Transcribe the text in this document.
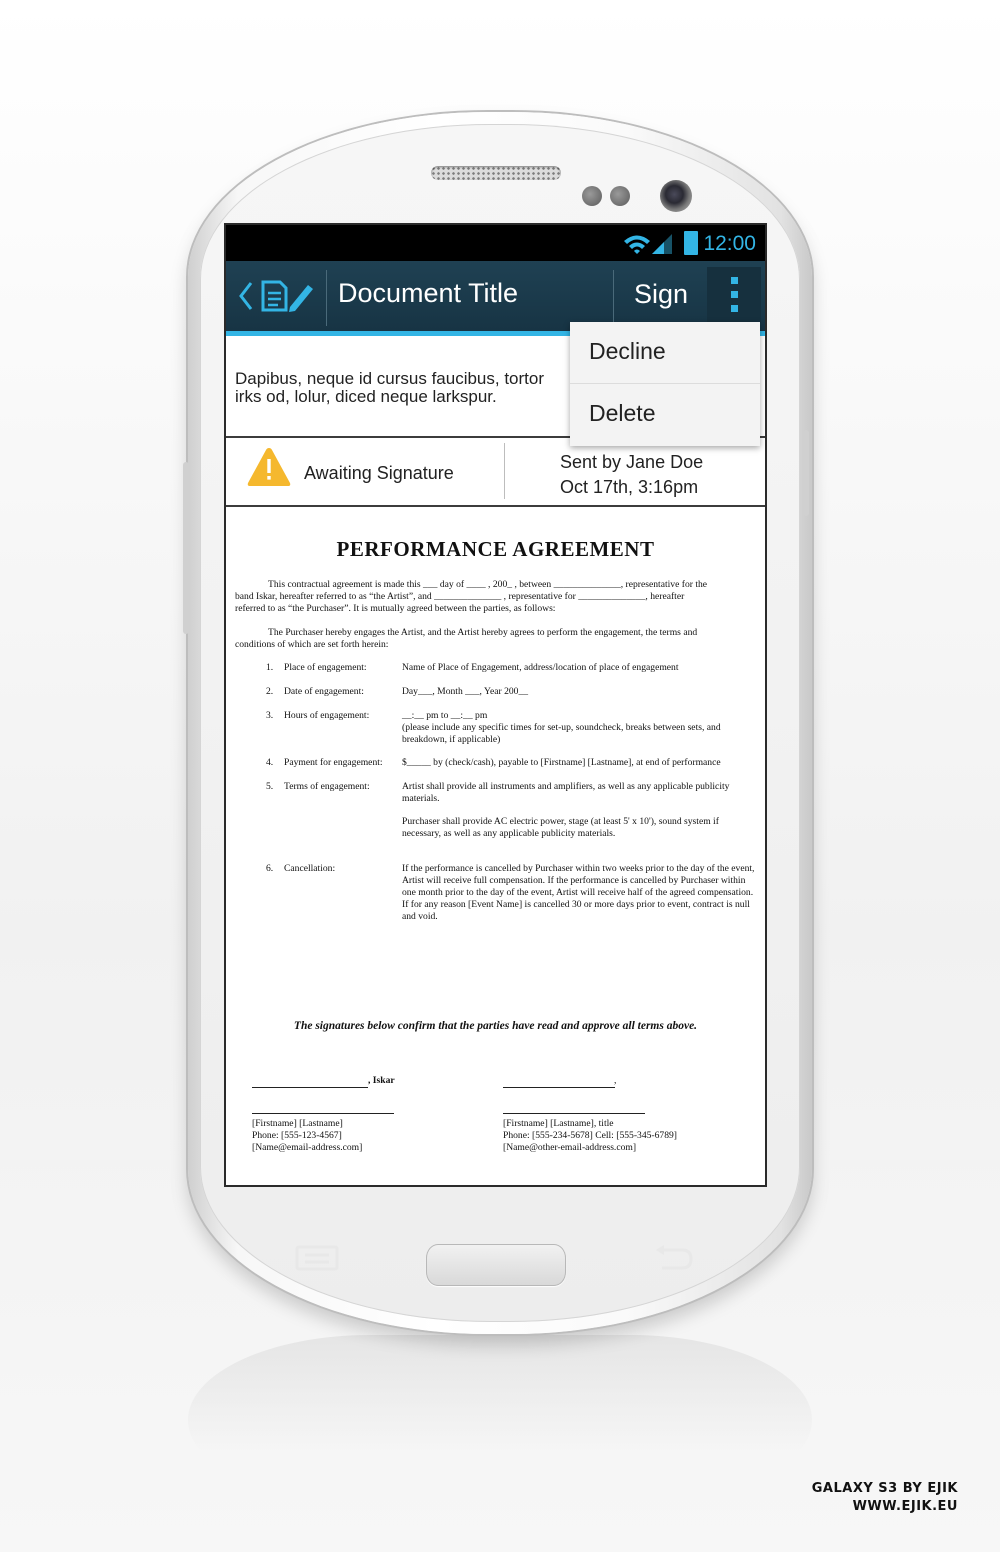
12:00
Document Title	Sign
Dapibus, neque id cursus faucibus, tortor
irks od, lolur, diced neque larkspur.
Awaiting Signature
Sent by Jane Doe
Oct 17th, 3:16pm
PERFORMANCE AGREEMENT
This contractual agreement is made this ___ day of ____ , 200_ , between ______________, representative for the
band Iskar, hereafter referred to as “the Artist”, and ______________ , representative for ______________, hereafter
referred to as “the Purchaser”. It is mutually agreed between the parties, as follows:
The Purchaser hereby engages the Artist, and the Artist hereby agrees to perform the engagement, the terms and
conditions of which are set forth herein:
1. Place of engagement:	Name of Place of Engagement, address/location of place of engagement
2. Date of engagement:	Day___, Month ___, Year 200__
3. Hours of engagement:	__:__ pm to __:__ pm
(please include any specific times for set-up, soundcheck, breaks between sets, and breakdown, if applicable)
4. Payment for engagement: $_____ by (check/cash), payable to [Firstname] [Lastname], at end of performance
5. Terms of engagement:	Artist shall provide all instruments and amplifiers, as well as any applicable publicity materials.
Purchaser shall provide AC electric power, stage (at least 5' x 10'), sound system if necessary, as well as any applicable publicity materials.
6. Cancellation:	If the performance is cancelled by Purchaser within two weeks prior to the day of the event, Artist will receive full compensation. If the performance is cancelled by Purchaser within one month prior to the day of the event, Artist will receive half of the agreed compensation. If for any reason [Event Name] is cancelled 30 or more days prior to event, contract is null and void.
The signatures below confirm that the parties have read and approve all terms above.
, Iskar	,
[Firstname] [Lastname]
Phone: [555-123-4567]
[Name@email-address.com]
[Firstname] [Lastname], title
Phone: [555-234-5678] Cell: [555-345-6789]
[Name@other-email-address.com]
Decline
Delete
GALAXY S3 BY EJIK
WWW.EJIK.EU
